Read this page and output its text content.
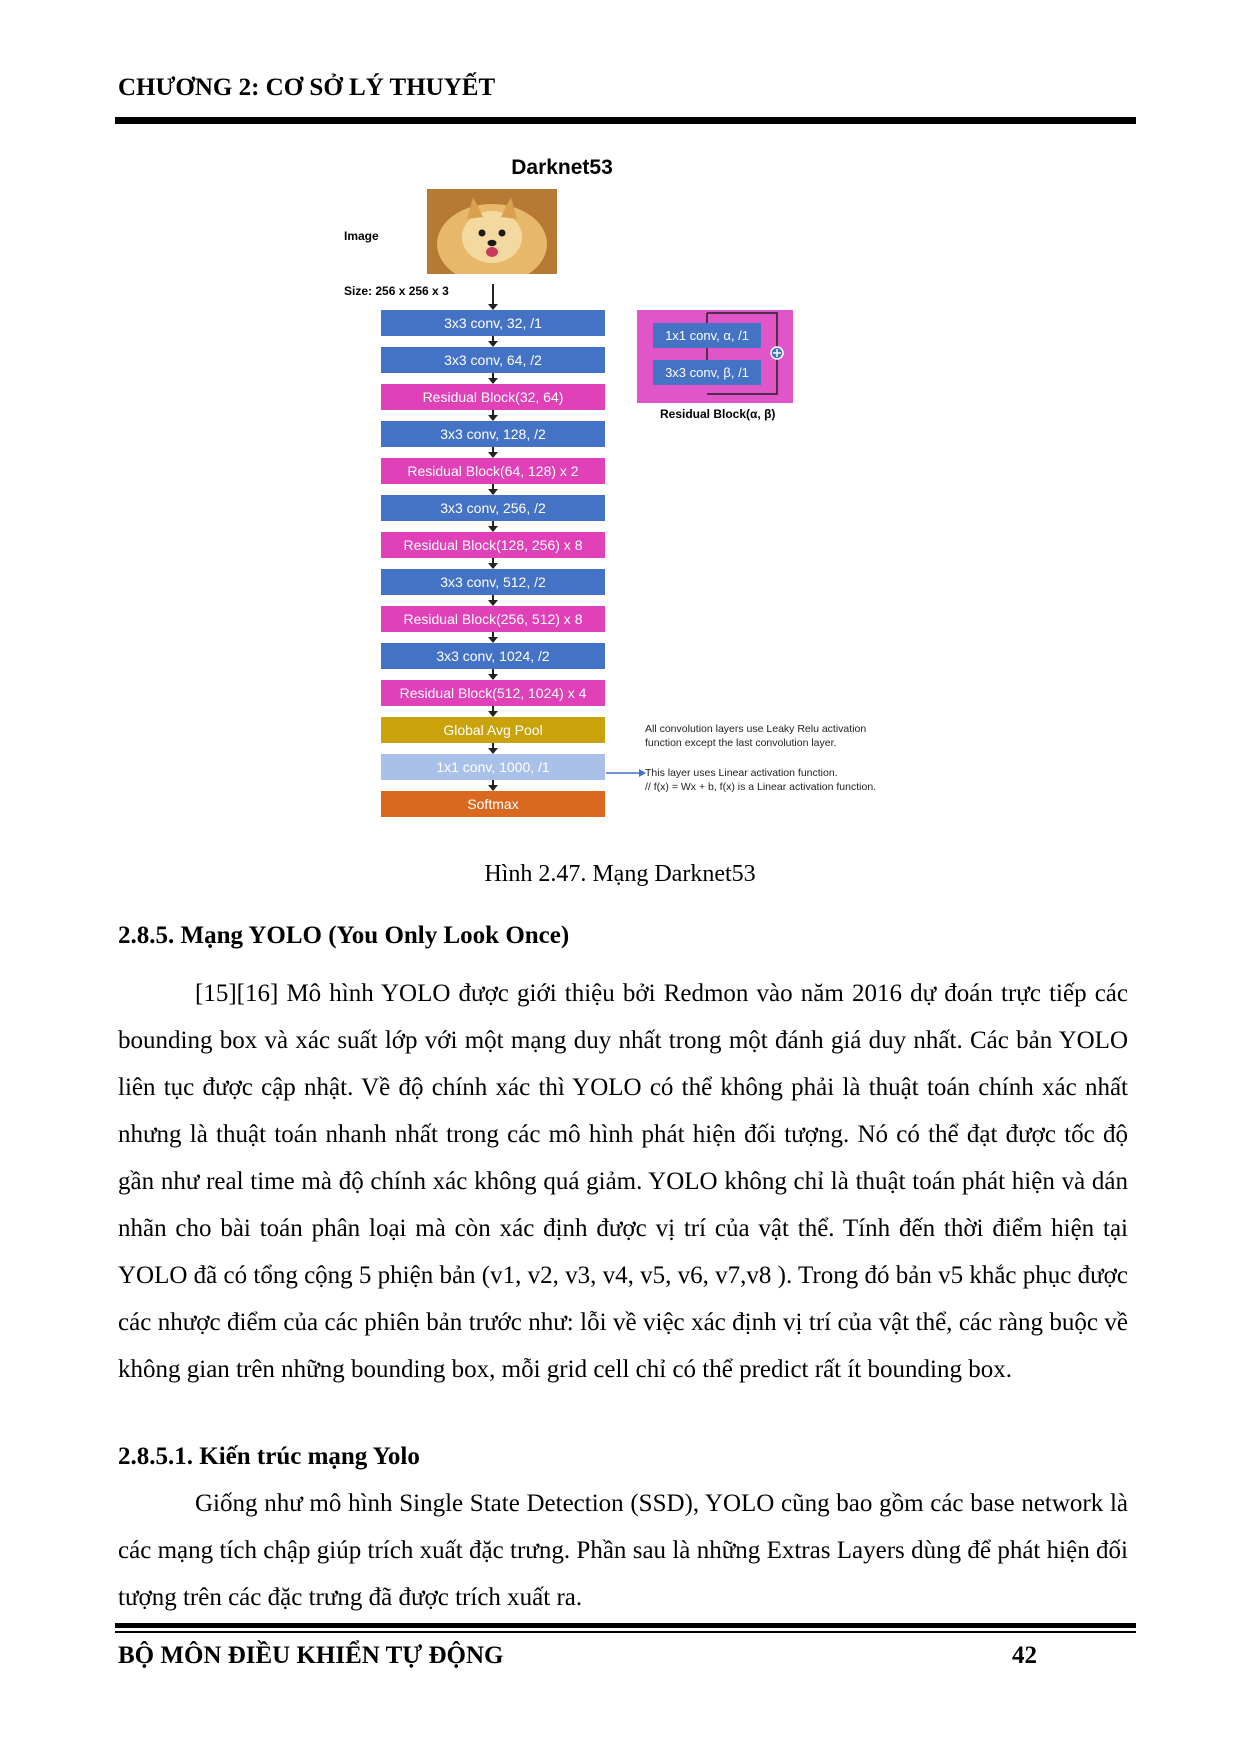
CHƯƠNG 2: CƠ SỞ LÝ THUYẾT
Darknet53
Image
Size: 256 x 256 x 3
3x3 conv, 32, /1
3x3 conv, 64, /2
Residual Block(32, 64)
3x3 conv, 128, /2
Residual Block(64, 128) x 2
3x3 conv, 256, /2
Residual Block(128, 256) x 8
3x3 conv, 512, /2
Residual Block(256, 512) x 8
3x3 conv, 1024, /2
Residual Block(512, 1024) x 4
Global Avg Pool
1x1 conv, 1000, /1
Softmax
1x1 conv, α, /1
3x3 conv, β, /1
Residual Block(α, β)
All convolution layers use Leaky Relu activation
function except the last convolution layer.
This layer uses Linear activation function.
// f(x) = Wx + b, f(x) is a Linear activation function.
Hình 2.47. Mạng Darknet53
2.8.5. Mạng YOLO (You Only Look Once)
[15][16] Mô hình YOLO được giới thiệu bởi Redmon vào năm 2016 dự đoán trực tiếp các bounding box và xác suất lớp với một mạng duy nhất trong một đánh giá duy nhất. Các bản YOLO liên tục được cập nhật. Về độ chính xác thì YOLO có thể không phải là thuật toán chính xác nhất nhưng là thuật toán nhanh nhất trong các mô hình phát hiện đối tượng. Nó có thể đạt được tốc độ gần như real time mà độ chính xác không quá giảm. YOLO không chỉ là thuật toán phát hiện và dán nhãn cho bài toán phân loại mà còn xác định được vị trí của vật thể. Tính đến thời điểm hiện tại YOLO đã có tổng cộng 5 phiện bản (v1, v2, v3, v4, v5, v6, v7,v8 ). Trong đó bản v5 khắc phục được các nhược điểm của các phiên bản trước như: lỗi về việc xác định vị trí của vật thể, các ràng buộc về không gian trên những bounding box, mỗi grid cell chỉ có thể predict rất ít bounding box.
2.8.5.1. Kiến trúc mạng Yolo
Giống như mô hình Single State Detection (SSD), YOLO cũng bao gồm các base network là các mạng tích chập giúp trích xuất đặc trưng. Phần sau là những Extras Layers dùng để phát hiện đối tượng trên các đặc trưng đã được trích xuất ra.
BỘ MÔN ĐIỀU KHIỂN TỰ ĐỘNG	42
